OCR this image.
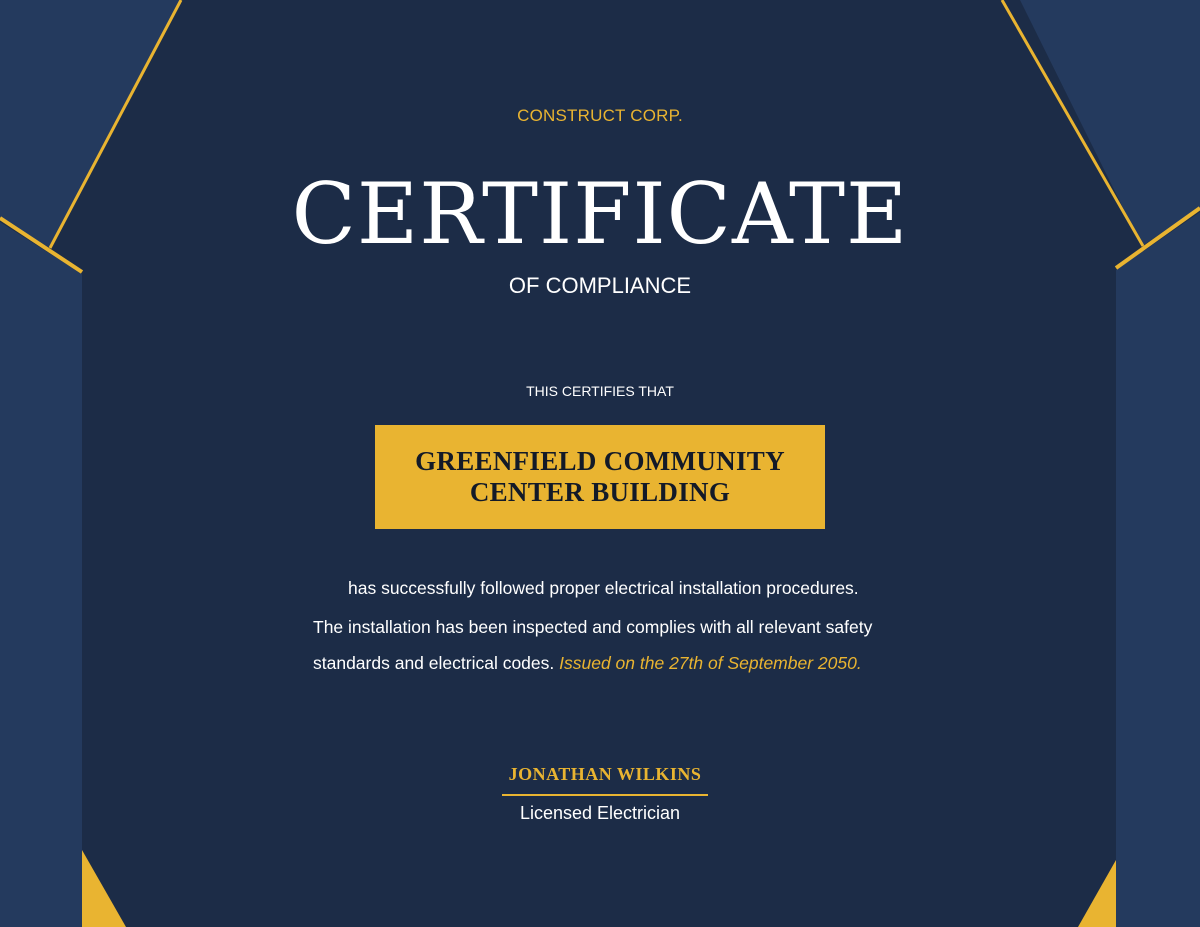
CONSTRUCT CORP.
CERTIFICATE
OF COMPLIANCE
THIS CERTIFIES THAT
GREENFIELD COMMUNITY
CENTER BUILDING
has successfully followed proper electrical installation procedures.
The installation has been inspected and complies with all relevant safety
standards and electrical codes. Issued on the 27th of September 2050.
JONATHAN WILKINS
Licensed Electrician
